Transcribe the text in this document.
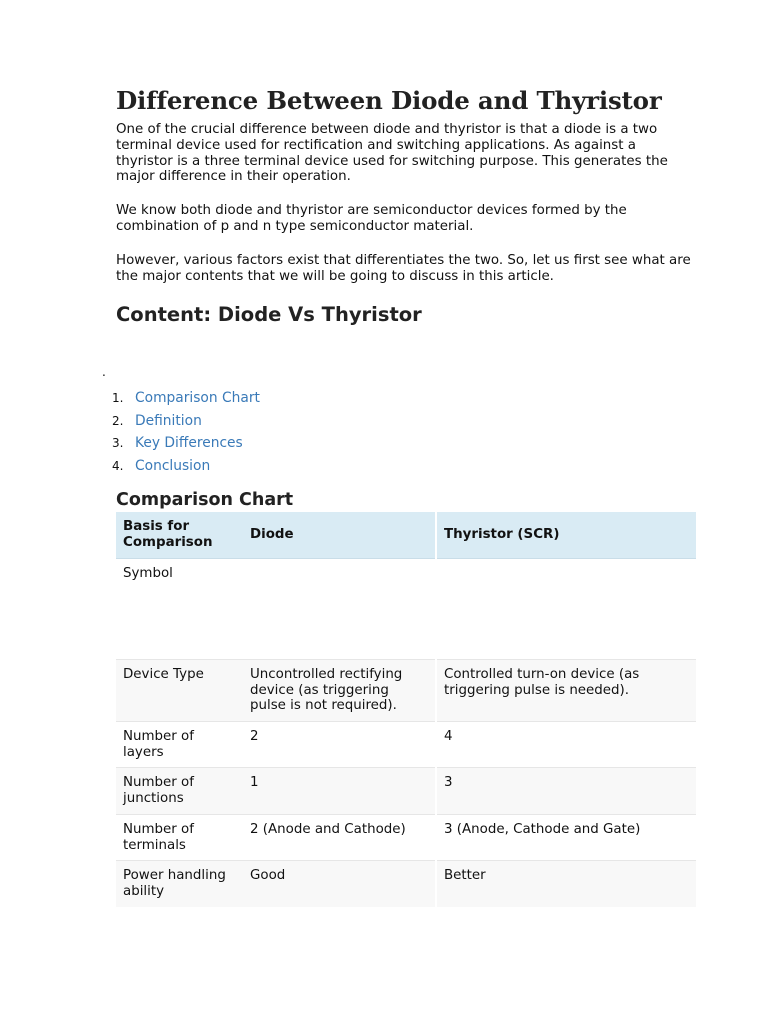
Difference Between Diode and Thyristor

One of the crucial difference between diode and thyristor is that a diode is a two terminal device used for rectification and switching applications. As against a thyristor is a three terminal device used for switching purpose. This generates the major difference in their operation.

We know both diode and thyristor are semiconductor devices formed by the combination of p and n type semiconductor material.

However, various factors exist that differentiates the two. So, let us first see what are the major contents that we will be going to discuss in this article.

Content: Diode Vs Thyristor
.
1. Comparison Chart
2. Definition
3. Key Differences
4. Conclusion
Comparison Chart
Basis for Comparison	Diode	Thyristor (SCR)
Symbol		
Device Type	Uncontrolled rectifying device (as triggering pulse is not required).	Controlled turn-on device (as triggering pulse is needed).
Number of layers	2	4
Number of junctions	1	3
Number of terminals	2 (Anode and Cathode)	3 (Anode, Cathode and Gate)
Power handling ability	Good	Better
